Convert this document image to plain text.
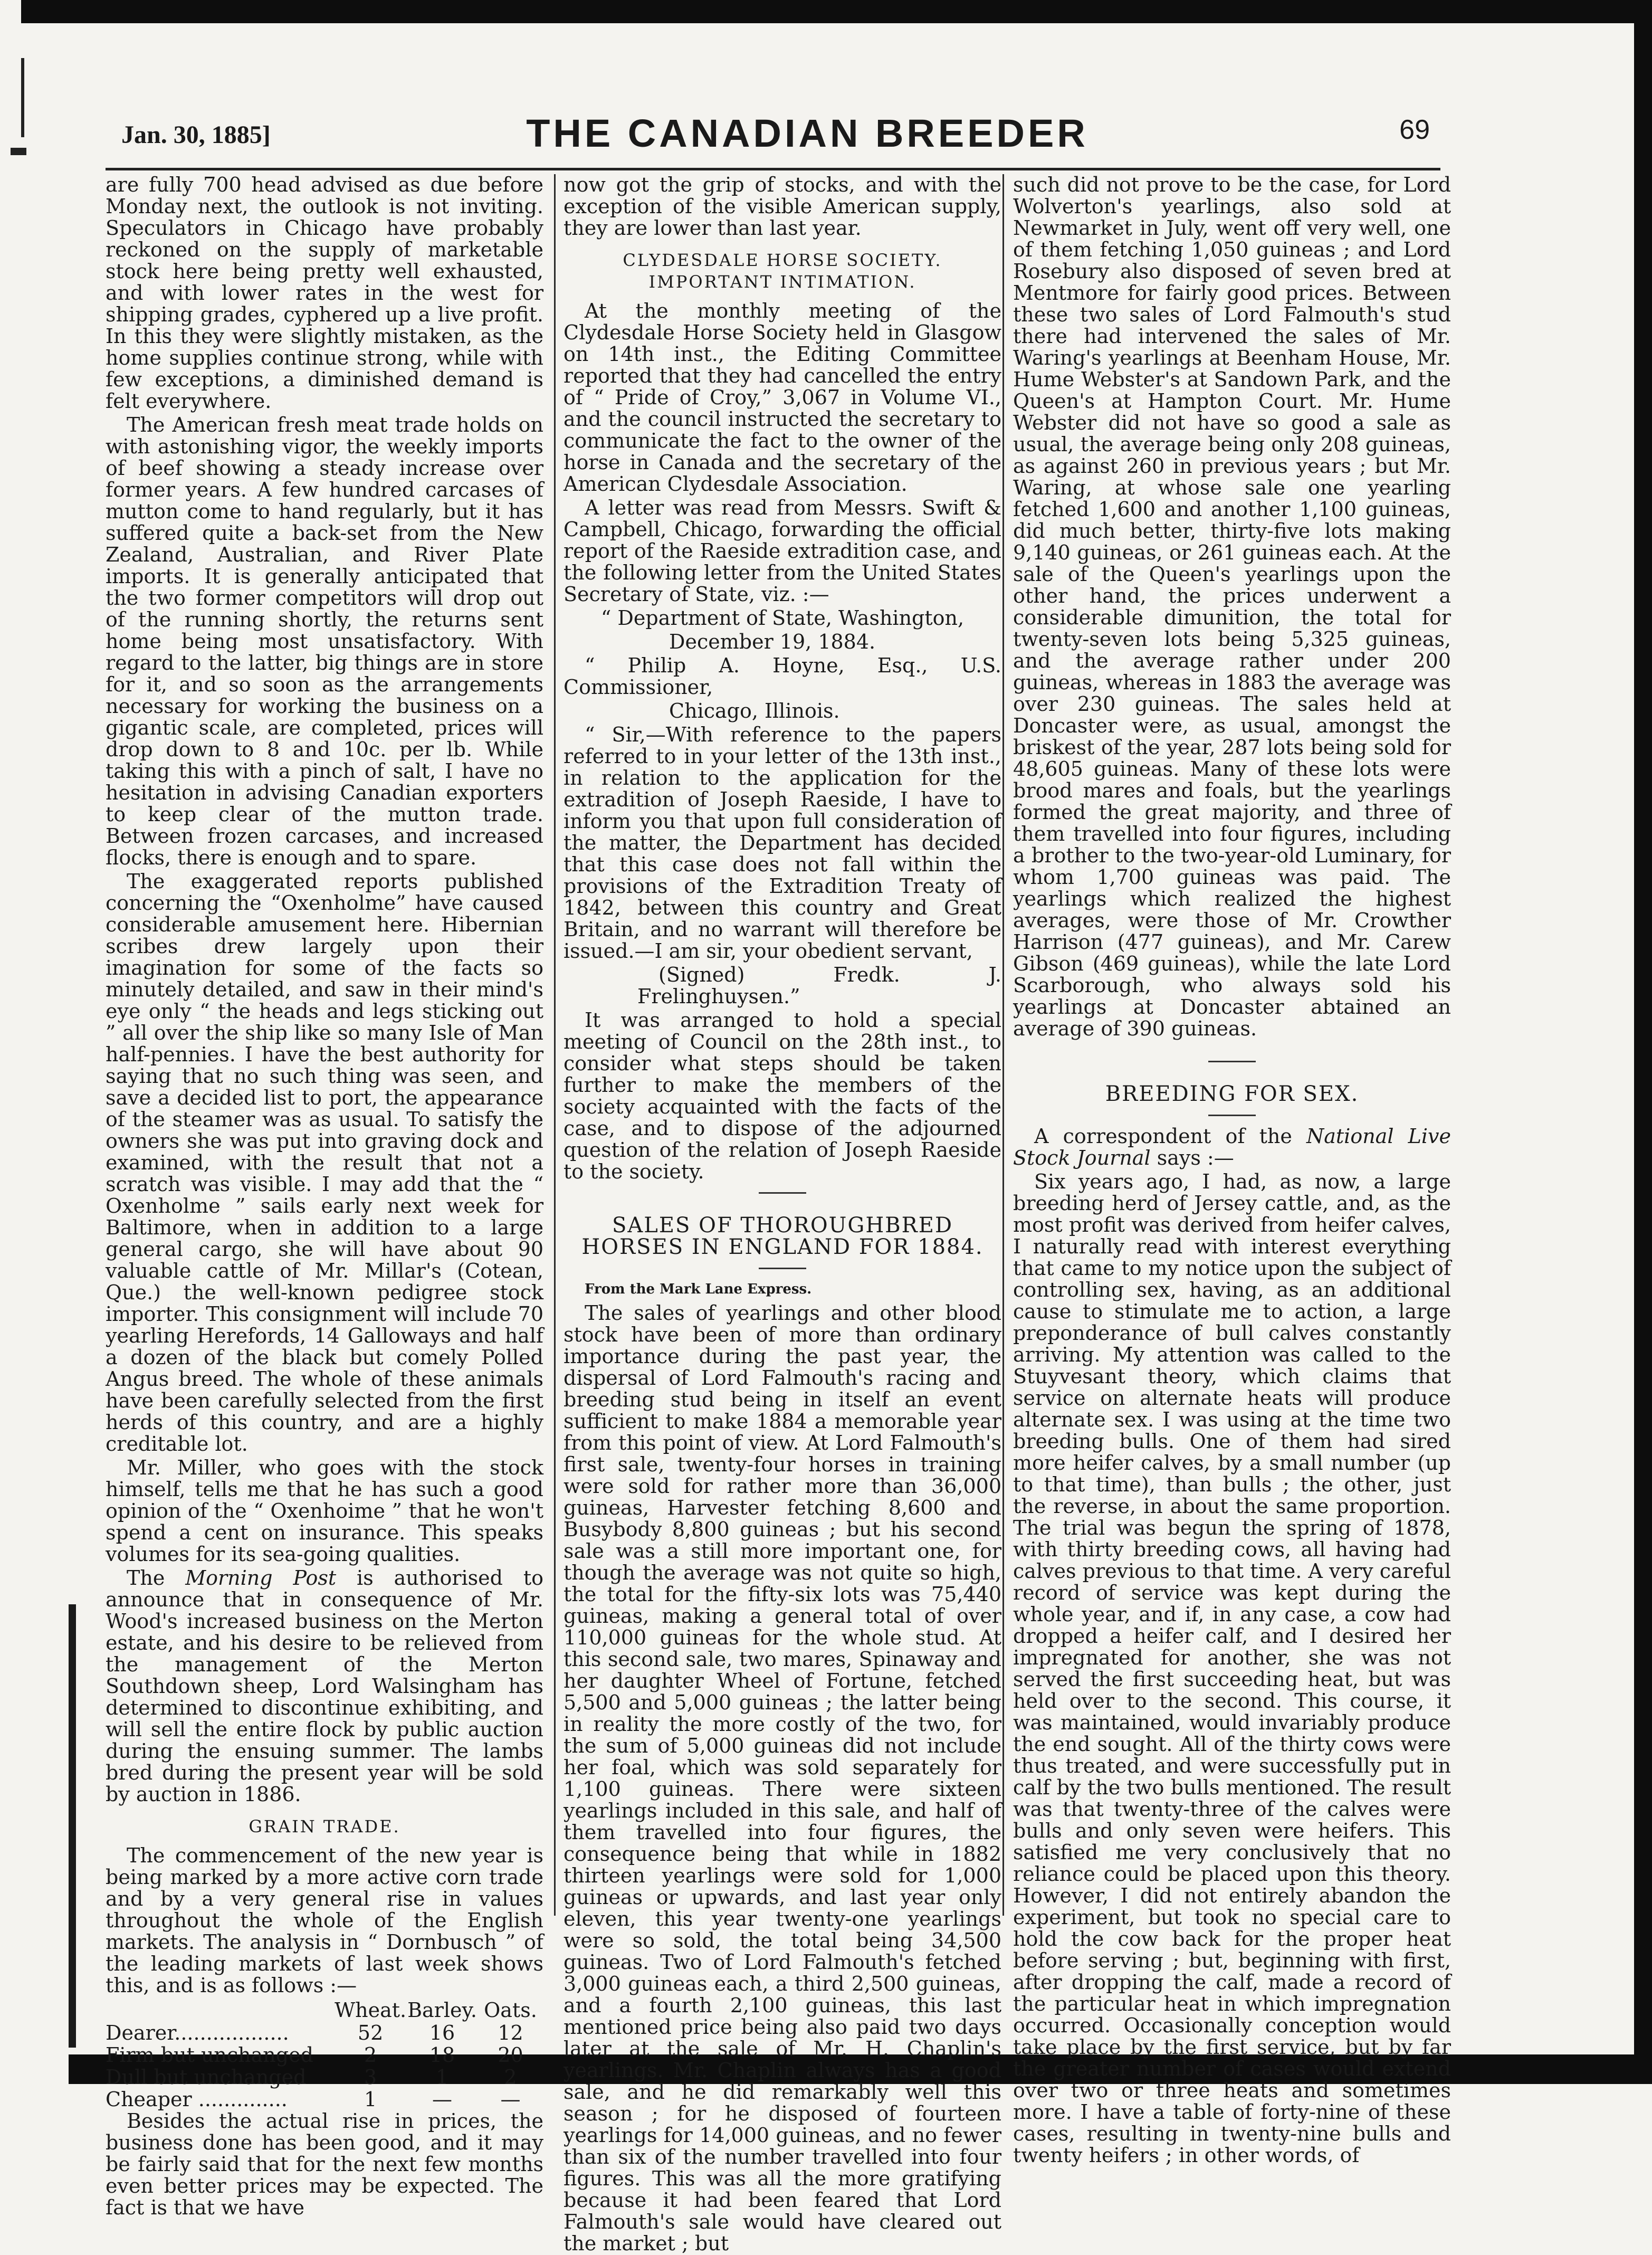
Jan. 30, 1885]	THE CANADIAN BREEDER	69

are fully 700 head advised as due before Monday next, the outlook is not inviting. Speculators in Chicago have probably reckoned on the supply of marketable stock here being pretty well exhausted, and with lower rates in the west for shipping grades, cyphered up a live profit. In this they were slightly mistaken, as the home supplies continue strong, while with few exceptions, a diminished demand is felt everywhere.

The American fresh meat trade holds on with astonishing vigor, the weekly imports of beef showing a steady increase over former years. A few hundred carcases of mutton come to hand regularly, but it has suffered quite a back-set from the New Zealand, Australian, and River Plate imports. It is generally anticipated that the two former competitors will drop out of the running shortly, the returns sent home being most unsatisfactory. With regard to the latter, big things are in store for it, and so soon as the arrangements necessary for working the business on a gigantic scale, are completed, prices will drop down to 8 and 10c. per lb. While taking this with a pinch of salt, I have no hesitation in advising Canadian exporters to keep clear of the mutton trade. Between frozen carcases, and increased flocks, there is enough and to spare.

The exaggerated reports published concerning the “Oxenholme” have caused considerable amusement here. Hibernian scribes drew largely upon their imagination for some of the facts so minutely detailed, and saw in their mind's eye only “ the heads and legs sticking out ” all over the ship like so many Isle of Man half-pennies. I have the best authority for saying that no such thing was seen, and save a decided list to port, the appearance of the steamer was as usual. To satisfy the owners she was put into graving dock and examined, with the result that not a scratch was visible. I may add that the “ Oxenholme ” sails early next week for Baltimore, when in addition to a large general cargo, she will have about 90 valuable cattle of Mr. Millar's (Cotean, Que.) the well-known pedigree stock importer. This consignment will include 70 yearling Herefords, 14 Galloways and half a dozen of the black but comely Polled Angus breed. The whole of these animals have been carefully selected from the first herds of this country, and are a highly creditable lot.

Mr. Miller, who goes with the stock himself, tells me that he has such a good opinion of the “ Oxenhoime ” that he won't spend a cent on insurance. This speaks volumes for its sea-going qualities.

The Morning Post is authorised to announce that in consequence of Mr. Wood's increased business on the Merton estate, and his desire to be relieved from the management of the Merton Southdown sheep, Lord Walsingham has determined to discontinue exhibiting, and will sell the entire flock by public auction during the ensuing summer. The lambs bred during the present year will be sold by auction in 1886.

GRAIN TRADE.

The commencement of the new year is being marked by a more active corn trade and by a very general rise in values throughout the whole of the English markets. The analysis in “ Dornbusch ” of the leading markets of last week shows this, and is as follows :—

	Wheat.	Barley.	Oats.
Dearer..................	52	16	12
Firm but unchanged	2	18	20
Dull but unchanged	3	1	2
Cheaper ..............	1	—	—

Besides the actual rise in prices, the business done has been good, and it may be fairly said that for the next few months even better prices may be expected. The fact is that we have

now got the grip of stocks, and with the exception of the visible American supply, they are lower than last year.

CLYDESDALE HORSE SOCIETY. IMPORTANT INTIMATION.

At the monthly meeting of the Clydesdale Horse Society held in Glasgow on 14th inst., the Editing Committee reported that they had cancelled the entry of “ Pride of Croy,” 3,067 in Volume VI., and the council instructed the secretary to communicate the fact to the owner of the horse in Canada and the secretary of the American Clydesdale Association.

A letter was read from Messrs. Swift & Campbell, Chicago, forwarding the official report of the Raeside extradition case, and the following letter from the United States Secretary of State, viz. :—

“ Department of State, Washington,

December 19, 1884.

“ Philip A. Hoyne, Esq., U.S. Commissioner,

Chicago, Illinois.

“ Sir,—With reference to the papers referred to in your letter of the 13th inst., in relation to the application for the extradition of Joseph Raeside, I have to inform you that upon full consideration of the matter, the Department has decided that this case does not fall within the provisions of the Extradition Treaty of 1842, between this country and Great Britain, and no warrant will therefore be issued.—I am sir, your obedient servant,

(Signed) Fredk. J. Frelinghuysen.”

It was arranged to hold a special meeting of Council on the 28th inst., to consider what steps should be taken further to make the members of the society acquainted with the facts of the case, and to dispose of the adjourned question of the relation of Joseph Raeside to the society.

SALES OF THOROUGHBRED HORSES IN ENGLAND FOR 1884.

From the Mark Lane Express.

The sales of yearlings and other blood stock have been of more than ordinary importance during the past year, the dispersal of Lord Falmouth's racing and breeding stud being in itself an event sufficient to make 1884 a memorable year from this point of view. At Lord Falmouth's first sale, twenty-four horses in training were sold for rather more than 36,000 guineas, Harvester fetching 8,600 and Busybody 8,800 guineas ; but his second sale was a still more important one, for though the average was not quite so high, the total for the fifty-six lots was 75,440 guineas, making a general total of over 110,000 guineas for the whole stud. At this second sale, two mares, Spinaway and her daughter Wheel of Fortune, fetched 5,500 and 5,000 guineas ; the latter being in reality the more costly of the two, for the sum of 5,000 guineas did not include her foal, which was sold separately for 1,100 guineas. There were sixteen yearlings included in this sale, and half of them travelled into four figures, the consequence being that while in 1882 thirteen yearlings were sold for 1,000 guineas or upwards, and last year only eleven, this year twenty-one yearlings were so sold, the total being 34,500 guineas. Two of Lord Falmouth's fetched 3,000 guineas each, a third 2,500 guineas, and a fourth 2,100 guineas, this last mentioned price being also paid two days later at the sale of Mr. H. Chaplin's yearlings. Mr. Chaplin always has a good sale, and he did remarkably well this season ; for he disposed of fourteen yearlings for 14,000 guineas, and no fewer than six of the number travelled into four figures. This was all the more gratifying because it had been feared that Lord Falmouth's sale would have cleared out the market ; but

such did not prove to be the case, for Lord Wolverton's yearlings, also sold at Newmarket in July, went off very well, one of them fetching 1,050 guineas ; and Lord Rosebury also disposed of seven bred at Mentmore for fairly good prices. Between these two sales of Lord Falmouth's stud there had intervened the sales of Mr. Waring's yearlings at Beenham House, Mr. Hume Webster's at Sandown Park, and the Queen's at Hampton Court. Mr. Hume Webster did not have so good a sale as usual, the average being only 208 guineas, as against 260 in previous years ; but Mr. Waring, at whose sale one yearling fetched 1,600 and another 1,100 guineas, did much better, thirty-five lots making 9,140 guineas, or 261 guineas each. At the sale of the Queen's yearlings upon the other hand, the prices underwent a considerable dimunition, the total for twenty-seven lots being 5,325 guineas, and the average rather under 200 guineas, whereas in 1883 the average was over 230 guineas. The sales held at Doncaster were, as usual, amongst the briskest of the year, 287 lots being sold for 48,605 guineas. Many of these lots were brood mares and foals, but the yearlings formed the great majority, and three of them travelled into four figures, including a brother to the two-year-old Luminary, for whom 1,700 guineas was paid. The yearlings which realized the highest averages, were those of Mr. Crowther Harrison (477 guineas), and Mr. Carew Gibson (469 guineas), while the late Lord Scarborough, who always sold his yearlings at Doncaster abtained an average of 390 guineas.

BREEDING FOR SEX.

A correspondent of the National Live Stock Journal says :—

Six years ago, I had, as now, a large breeding herd of Jersey cattle, and, as the most profit was derived from heifer calves, I naturally read with interest everything that came to my notice upon the subject of controlling sex, having, as an additional cause to stimulate me to action, a large preponderance of bull calves constantly arriving. My attention was called to the Stuyvesant theory, which claims that service on alternate heats will produce alternate sex. I was using at the time two breeding bulls. One of them had sired more heifer calves, by a small number (up to that time), than bulls ; the other, just the reverse, in about the same proportion. The trial was begun the spring of 1878, with thirty breeding cows, all having had calves previous to that time. A very careful record of service was kept during the whole year, and if, in any case, a cow had dropped a heifer calf, and I desired her impregnated for another, she was not served the first succeeding heat, but was held over to the second. This course, it was maintained, would invariably produce the end sought. All of the thirty cows were thus treated, and were successfully put in calf by the two bulls mentioned. The result was that twenty-three of the calves were bulls and only seven were heifers. This satisfied me very conclusively that no reliance could be placed upon this theory. However, I did not entirely abandon the experiment, but took no special care to hold the cow back for the proper heat before serving ; but, beginning with first, after dropping the calf, made a record of the particular heat in which impregnation occurred. Occasionally conception would take place by the first service, but by far the greater number of cases would extend over two or three heats and sometimes more. I have a table of forty-nine of these cases, resulting in twenty-nine bulls and twenty heifers ; in other words, of
